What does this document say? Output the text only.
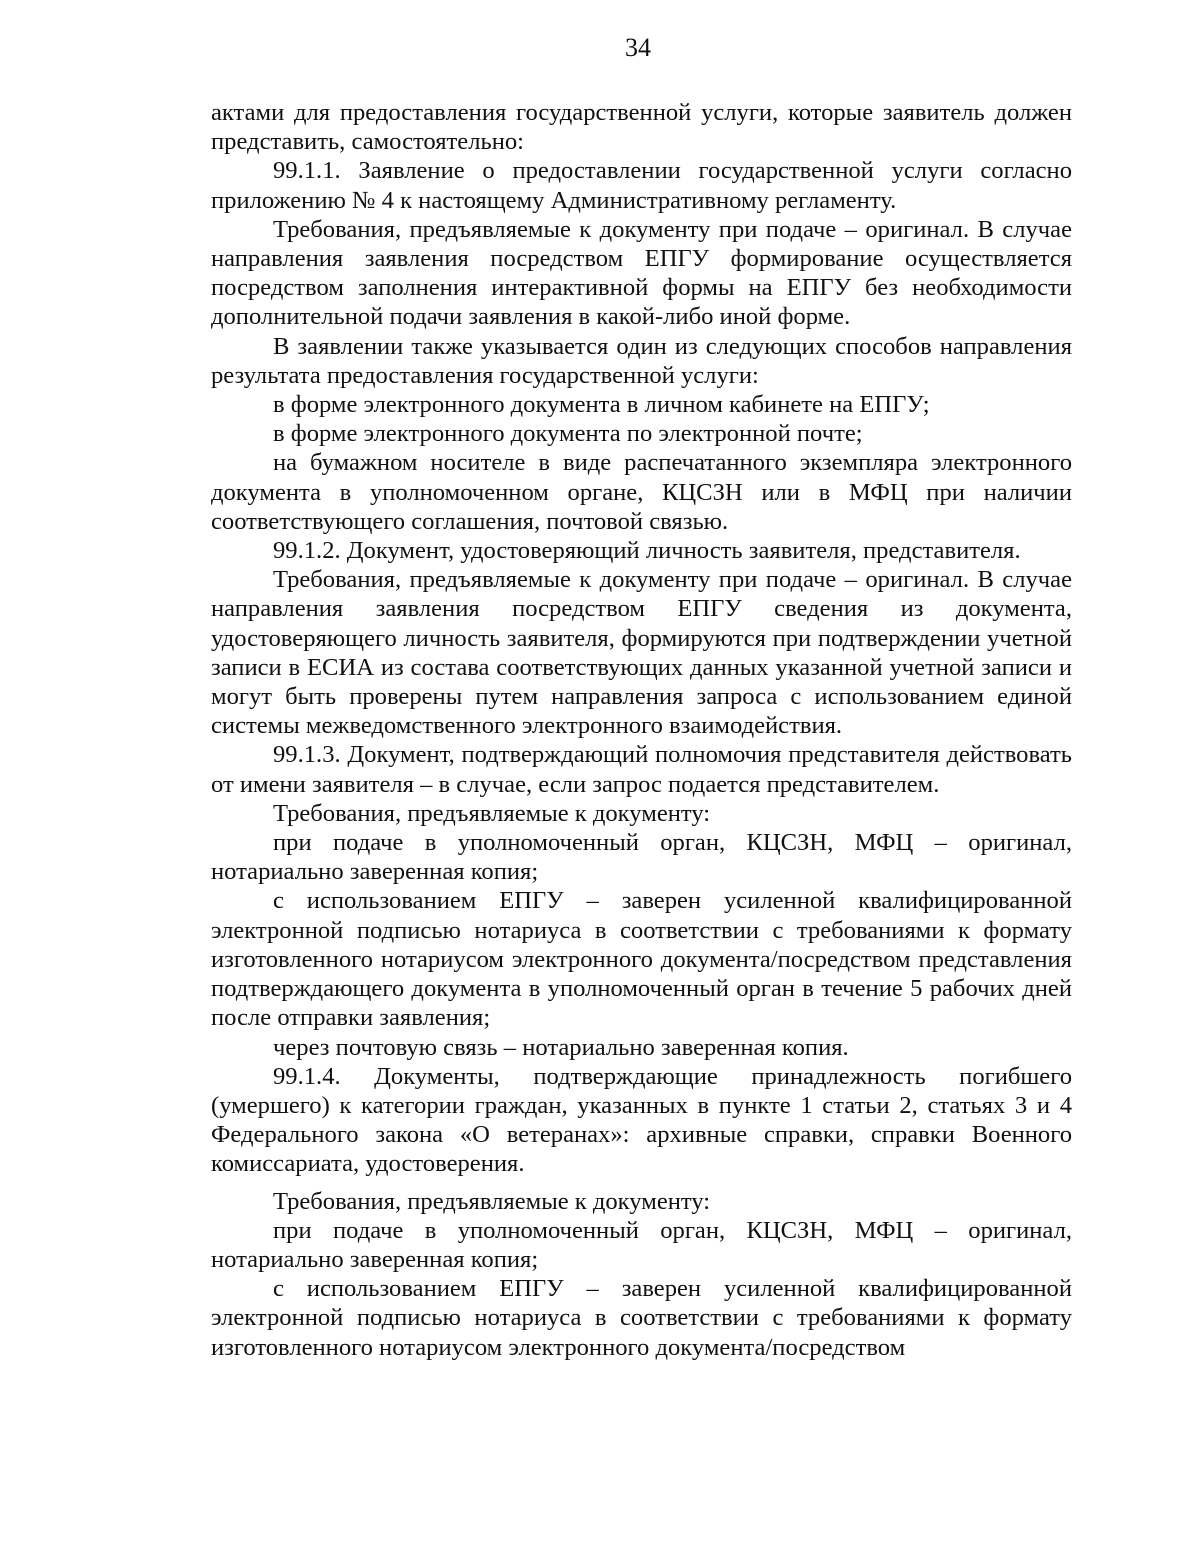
34

актами для предоставления государственной услуги, которые заявитель должен представить, самостоятельно:

99.1.1. Заявление о предоставлении государственной услуги согласно приложению № 4 к настоящему Административному регламенту.

Требования, предъявляемые к документу при подаче – оригинал. В случае направления заявления посредством ЕПГУ формирование осуществляется посредством заполнения интерактивной формы на ЕПГУ без необходимости дополнительной подачи заявления в какой-либо иной форме.

В заявлении также указывается один из следующих способов направления результата предоставления государственной услуги:

в форме электронного документа в личном кабинете на ЕПГУ;

в форме электронного документа по электронной почте;

на бумажном носителе в виде распечатанного экземпляра электронного документа в уполномоченном органе, КЦСЗН или в МФЦ при наличии соответствующего соглашения, почтовой связью.

99.1.2. Документ, удостоверяющий личность заявителя, представителя.

Требования, предъявляемые к документу при подаче – оригинал. В случае направления заявления посредством ЕПГУ сведения из документа, удостоверяющего личность заявителя, формируются при подтверждении учетной записи в ЕСИА из состава соответствующих данных указанной учетной записи и могут быть проверены путем направления запроса с использованием единой системы межведомственного электронного взаимодействия.

99.1.3. Документ, подтверждающий полномочия представителя действовать от имени заявителя – в случае, если запрос подается представителем.

Требования, предъявляемые к документу:

при подаче в уполномоченный орган, КЦСЗН, МФЦ – оригинал, нотариально заверенная копия;

с использованием ЕПГУ – заверен усиленной квалифицированной электронной подписью нотариуса в соответствии с требованиями к формату изготовленного нотариусом электронного документа/посредством представления подтверждающего документа в уполномоченный орган в течение 5 рабочих дней после отправки заявления;

через почтовую связь – нотариально заверенная копия.

99.1.4. Документы, подтверждающие принадлежность погибшего (умершего) к категории граждан, указанных в пункте 1 статьи 2, статьях 3 и 4 Федерального закона «О ветеранах»: архивные справки, справки Военного комиссариата, удостоверения.

Требования, предъявляемые к документу:

при подаче в уполномоченный орган, КЦСЗН, МФЦ – оригинал, нотариально заверенная копия;

с использованием ЕПГУ – заверен усиленной квалифицированной электронной подписью нотариуса в соответствии с требованиями к формату изготовленного нотариусом электронного документа/посредством
